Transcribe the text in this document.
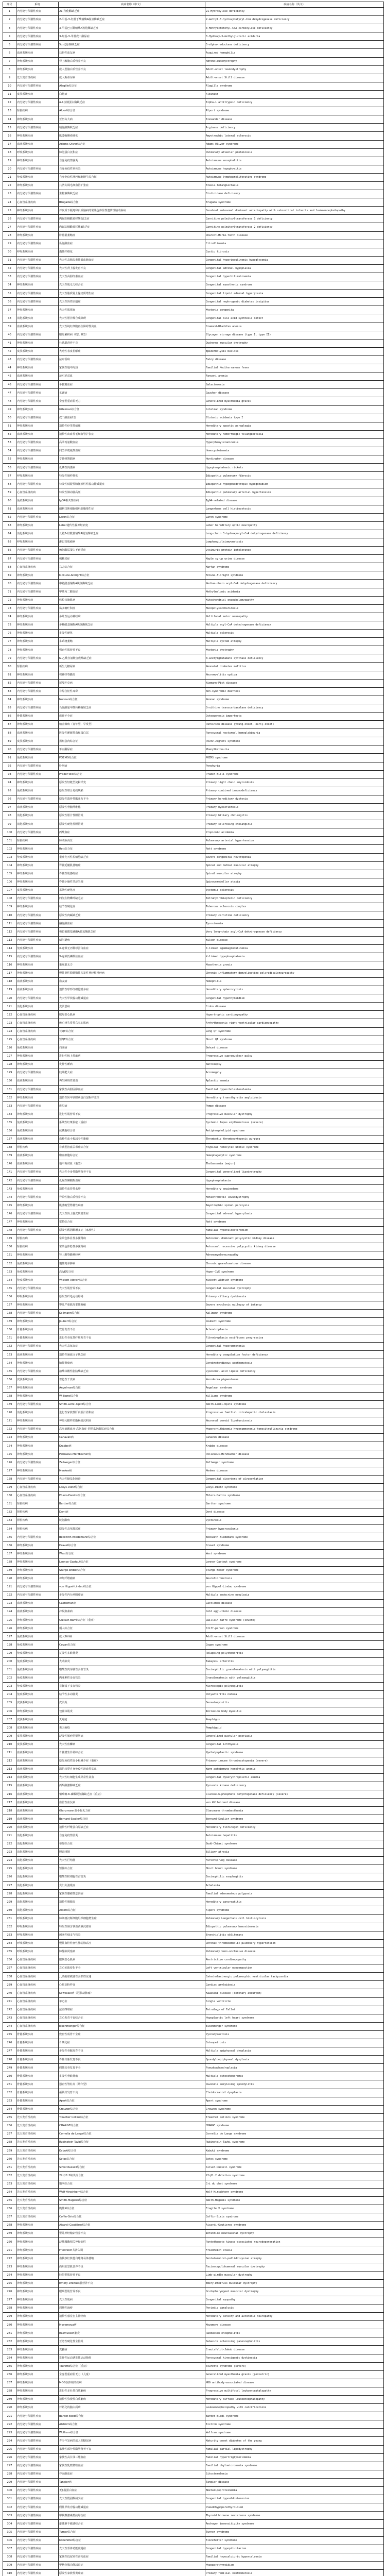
序号	系统	疾病名称（中文）	疾病名称（英文）
1	内分泌与代谢性疾病	21-羟化酶缺乏症	21-Hydroxylase deficiency
2	内分泌与代谢性疾病	2-甲基-3-羟基丁酰辅酶A脱氢酶缺乏症	2-methyl-3-hydroxybutyryl-CoA dehydrogenase deficiency
3	内分泌与代谢性疾病	3-甲基巴豆酰辅酶A羧化酶缺乏症	3-Methylcrotonyl-CoA carboxylase deficiency
4	内分泌与代谢性疾病	3-羟基-3-甲基戊二酸尿症	3-Hydroxy-3-methylglutaric aciduria
5	内分泌与代谢性疾病	5α-还原酶缺乏症	5-alpha-reductase deficiency
6	血液系统疾病	获得性血友病	Acquired hemophilia
7	神经系统疾病	肾上腺脑白质营养不良	Adrenoleukodystrophy
8	神经系统疾病	成人型脑白质营养不良	Adult-onset leukodystrophy
9	先天发育性疾病	成人斯蒂尔病	Adult-onset Still disease
10	内分泌与代谢性疾病	Alagille综合征	Alagille syndrome
11	皮肤系统疾病	白化病	Albinism
12	内分泌与代谢性疾病	α-1抗胰蛋白酶缺乏症	Alpha-1 antitrypsin deficiency
13	肾脏疾病	Alport综合征	Alport syndrome
14	神经系统疾病	亚历山大病	Alexander disease
15	内分泌与代谢性疾病	精氨酸酶缺乏症	Arginase deficiency
16	神经系统疾病	肌萎缩侧索硬化	Amyotrophic lateral sclerosis
17	血液系统疾病	Adams-Oliver综合征	Adams-Oliver syndrome
18	呼吸系统疾病	肺泡蛋白沉积症	Pulmonary alveolar proteinosis
19	神经系统疾病	自身免疫性脑炎	Autoimmune encephalitis
20	内分泌与代谢性疾病	自身免疫性垂体炎	Autoimmune hypophysitis
21	免疫系统疾病	自身免疫性淋巴细胞增生综合征	Autoimmune lymphoproliferative syndrome
22	神经系统疾病	共济失调毛细血管扩张症	Ataxia-telangiectasia
23	内分泌与代谢性疾病	生物素酶缺乏症	Biotinidase deficiency
24	心血管系统疾病	Brugada综合征	Brugada syndrome
25	神经系统疾病	伴皮质下梗死和白质脑病的常染色体显性遗传性脑动脉病	Cerebral autosomal dominant arteriopathy with subcortical infarcts and leukoencephalopathy
26	内分泌与代谢性疾病	肉碱棕榈酰转移酶Ⅰ缺乏症	Carnitine palmitoyltransferase 1 deficiency
27	内分泌与代谢性疾病	肉碱棕榈酰转移酶Ⅱ缺乏症	Carnitine palmitoyltransferase 2 deficiency
28	神经系统疾病	腓骨肌萎缩症	Charcot-Marie-Tooth disease
29	内分泌与代谢性疾病	瓜氨酸血症	Citrullinemia
30	呼吸系统疾病	囊性纤维化	Cystic fibrosis
31	内分泌与代谢性疾病	先天性高胰岛素性低血糖血症	Congenital hyperinsulinemic hypoglycemia
32	内分泌与代谢性疾病	先天性肾上腺发育不良	Congenital adrenal hypoplasia
33	内分泌与代谢性疾病	先天性高胆红素血症	Congenital hyperbilirubinemia
34	神经系统疾病	先天性肌无力综合征	Congenital myasthenic syndrome
35	内分泌与代谢性疾病	先天性脂质肾上腺皮质增生症	Congenital lipoid adrenal hyperplasia
36	内分泌与代谢性疾病	先天性肾性尿崩症	Congenital nephrogenic diabetes insipidus
37	神经系统疾病	先天性肌强直	Myotonia congenita
38	消化系统疾病	先天性胆汁酸合成障碍	Congenital bile acid synthesis defect
39	血液系统疾病	先天性纯红细胞再生障碍性贫血	Diamond-Blackfan anemia
40	内分泌与代谢性疾病	糖原累积病（I型、II型）	Glycogen storage disease (type I, type II)
41	神经系统疾病	杜氏肌营养不良	Duchenne muscular dystrophy
42	皮肤系统疾病	大疱性表皮松解症	Epidermolysis bullosa
43	内分泌与代谢性疾病	法布雷病	Fabry disease
44	神经系统疾病	家族性地中海热	Familial Mediterranean fever
45	血液系统疾病	范可尼贫血	Fanconi anemia
46	内分泌与代谢性疾病	半乳糖血症	Galactosemia
47	内分泌与代谢性疾病	戈谢病	Gaucher disease
48	内分泌与代谢性疾病	全身型重症肌无力	Generalized myasthenia gravis
49	神经系统疾病	Gitelman综合征	Gitelman syndrome
50	内分泌与代谢性疾病	戊二酸血症I型	Glutaric acidemia type I
51	神经系统疾病	遗传性痉挛性截瘫	Hereditary spastic paraplegia
52	血液系统疾病	遗传性出血性毛细血管扩张症	Hereditary hemorrhagic telangiectasia
53	内分泌与代谢性疾病	高苯丙氨酸血症	Hyperphenylalaninemia
54	内分泌与代谢性疾病	同型半胱氨酸血症	Homocysteinemia
55	神经系统疾病	亨廷顿舞蹈病	Huntington disease
56	内分泌与代谢性疾病	低磷性佝偻病	Hypophosphatemic rickets
57	呼吸系统疾病	特发性肺纤维化	Idiopathic pulmonary fibrosis
58	内分泌与代谢性疾病	特发性低促性腺激素性性腺功能减退症	Idiopathic hypogonadotropic hypogonadism
59	心血管系统疾病	特发性肺动脉高压	Idiopathic pulmonary arterial hypertension
60	免疫系统疾病	IgG4相关性疾病	IgG4-related disease
61	血液系统疾病	朗格汉斯细胞组织细胞增生症	Langerhans cell histiocytosis
62	内分泌与代谢性疾病	Laron综合征	Laron syndrome
63	神经系统疾病	Leber遗传性视神经病变	Leber hereditary optic neuropathy
64	消化系统疾病	长链3-羟酰基辅酶A脱氢酶缺乏症	Long-chain 3-hydroxyacyl-CoA dehydrogenase deficiency
65	呼吸系统疾病	淋巴管肌瘤病	Lymphangioleiomyomatosis
66	内分泌与代谢性疾病	赖氨酸尿蛋白不耐受症	Lysinuric protein intolerance
67	内分泌与代谢性疾病	枫糖尿症	Maple syrup urine disease
68	心血管系统疾病	马方综合征	Marfan syndrome
69	神经系统疾病	McCune-Albright综合征	McCune-Albright syndrome
70	内分泌与代谢性疾病	中链酰基辅酶A脱氢酶缺乏症	Medium-chain acyl-CoA dehydrogenase deficiency
71	内分泌与代谢性疾病	甲基丙二酸血症	Methylmalonic acidemia
72	神经系统疾病	线粒体脑肌病	Mitochondrial encephalomyopathy
73	内分泌与代谢性疾病	黏多糖贮积症	Mucopolysaccharidosis
74	神经系统疾病	多灶性运动神经病	Multifocal motor neuropathy
75	神经系统疾病	多种酰基辅酶A脱氢酶缺乏症	Multiple acyl-CoA dehydrogenase deficiency
76	神经系统疾病	多发性硬化	Multiple sclerosis
77	神经系统疾病	多系统萎缩	Multiple system atrophy
78	神经系统疾病	强直性肌营养不良	Myotonic dystrophy
79	内分泌与代谢性疾病	N-乙酰谷氨酸合成酶缺乏症	N-acetylglutamate synthase deficiency
80	肾脏疾病	新生儿糖尿病	Neonatal diabetes mellitus
81	神经系统疾病	视神经脊髓炎	Neuromyelitis optica
82	内分泌与代谢性疾病	尼曼匹克病	Niemann-Pick disease
83	内分泌与代谢性疾病	非综合征性耳聋	Non-syndromic deafness
84	神经系统疾病	Noonan综合征	Noonan syndrome
85	内分泌与代谢性疾病	鸟氨酸氨甲酰转移酶缺乏症	Ornithine transcarbamylase deficiency
86	骨骼系统疾病	成骨不全症	Osteogenesis imperfecta
87	神经系统疾病	帕金森病（青年型、早发型）	Parkinson disease (young-onset, early-onset)
88	血液系统疾病	阵发性睡眠性血红蛋白尿	Paroxysmal nocturnal hemoglobinuria
89	皮肤系统疾病	黑斑息肉综合征	Peutz-Jeghers syndrome
90	内分泌与代谢性疾病	苯丙酮尿症	Phenylketonuria
91	免疫系统疾病	POEMS综合征	POEMS syndrome
92	内分泌与代谢性疾病	卟啉病	Porphyria
93	内分泌与代谢性疾病	Prader-Willi综合征	Prader-Willi syndrome
94	神经系统疾病	原发性轻链型淀粉样变	Primary light chain amyloidosis
95	免疫系统疾病	原发性联合免疫缺陷	Primary combined immunodeficiency
96	内分泌与代谢性疾病	原发性遗传性肌张力不全	Primary hereditary dystonia
97	血液系统疾病	原发性骨髓纤维化	Primary myelofibrosis
98	消化系统疾病	原发性胆汁性胆管炎	Primary biliary cholangitis
99	消化系统疾病	原发性硬化性胆管炎	Primary sclerosing cholangitis
100	内分泌与代谢性疾病	丙酸血症	Propionic acidemia
101	肾脏疾病	肺动脉高压	Pulmonary arterial hypertension
102	神经系统疾病	Rett综合征	Rett syndrome
103	免疫系统疾病	重症先天性粒细胞缺乏症	Severe congenital neutropenia
104	神经系统疾病	脊髓延髓肌萎缩症	Spinal and bulbar muscular atrophy
105	神经系统疾病	脊髓性肌萎缩症	Spinal muscular atrophy
106	神经系统疾病	脊髓小脑性共济失调	Spinocerebellar ataxia
107	皮肤系统疾病	系统性硬化症	Systemic sclerosis
108	内分泌与代谢性疾病	四氢生物蝶呤缺乏症	Tetrahydrobiopterin deficiency
109	神经系统疾病	结节性硬化症	Tuberous sclerosis complex
110	内分泌与代谢性疾病	原发性肉碱缺乏症	Primary carnitine deficiency
111	内分泌与代谢性疾病	酪氨酸血症	Tyrosinemia
112	内分泌与代谢性疾病	极长链酰基辅酶A脱氢酶缺乏症	Very long-chain acyl-CoA dehydrogenase deficiency
113	内分泌与代谢性疾病	威尔逊病	Wilson disease
114	免疫系统疾病	X-连锁无丙种球蛋白血症	X-linked agammaglobulinemia
115	内分泌与代谢性疾病	X-连锁低磷酸盐血症	X-linked hypophosphatemia
116	神经系统疾病	重症肌无力	Myasthenia gravis
117	神经系统疾病	慢性炎性脱髓鞘性多发性神经根神经病	Chronic inflammatory demyelinating polyradiculoneuropathy
118	血液系统疾病	血友病	Hemophilia
119	血液系统疾病	遗传性球形红细胞增多症	Hereditary spherocytosis
120	内分泌与代谢性疾病	先天性甲状腺功能减退症	Congenital hypothyroidism
121	消化系统疾病	克罗恩病	Crohn disease
122	心血管系统疾病	肥厚型心肌病	Hypertrophic cardiomyopathy
123	心血管系统疾病	致心律失常性右室心肌病	Arrhythmogenic right ventricular cardiomyopathy
124	心血管系统疾病	长QT综合征	Long QT syndrome
125	心血管系统疾病	短QT综合征	Short QT syndrome
126	免疫系统疾病	白塞病	Behcet disease
127	神经系统疾病	进行性核上性麻痹	Progressive supranuclear palsy
128	神经系统疾病	发作性睡病	Narcolepsy
129	内分泌与代谢性疾病	肢端肥大症	Acromegaly
130	血液系统疾病	再生障碍性贫血	Aplastic anemia
131	内分泌与代谢性疾病	家族性高胆固醇血症	Familial hypercholesterolemia
132	神经系统疾病	遗传性转甲状腺素蛋白淀粉样变性	Hereditary transthyretin amyloidosis
133	内分泌与代谢性疾病	庞贝病	Pompe disease
134	神经系统疾病	进行性肌营养不良	Progressive muscular dystrophy
135	免疫系统疾病	系统性红斑狼疮（重症）	Systemic lupus erythematosus (severe)
136	免疫系统疾病	抗磷脂综合征	Antiphospholipid syndrome
137	血液系统疾病	血栓性血小板减少性紫癜	Thrombotic thrombocytopenic purpura
138	肾脏疾病	非典型溶血尿毒症综合征	Atypical hemolytic uremic syndrome
139	血液系统疾病	噬血细胞综合征	Hemophagocytic syndrome
140	血液系统疾病	地中海贫血（重型）	Thalassemia (major)
141	内分泌与代谢性疾病	先天性全身性脂肪营养不良	Congenital generalized lipodystrophy
142	内分泌与代谢性疾病	低碱性磷酸酶血症	Hypophosphatasia
143	免疫系统疾病	遗传性血管性水肿	Hereditary angioedema
144	内分泌与代谢性疾病	异染性脑白质营养不良	Metachromatic leukodystrophy
145	神经系统疾病	肌萎缩型脊髓性麻痹	Amyotrophic spinal paralysis
146	内分泌与代谢性疾病	先天性肾上腺皮质增生症	Congenital adrenal hyperplasia
147	神经系统疾病	雷特综合征	Rett syndrome
148	内分泌与代谢性疾病	原发性醛固酮增多症（家族性）	Familial hyperaldosteronism
149	肾脏疾病	常染色体显性多囊肾病	Autosomal dominant polycystic kidney disease
150	肾脏疾病	常染色体隐性多囊肾病	Autosomal recessive polycystic kidney disease
151	神经系统疾病	肾上腺脊髓神经病	Adrenomyeloneuropathy
152	免疫系统疾病	慢性肉芽肿病	Chronic granulomatous disease
153	免疫系统疾病	高IgE综合征	Hyper-IgE syndrome
154	免疫系统疾病	Wiskott-Aldrich综合征	Wiskott-Aldrich syndrome
155	内分泌与代谢性疾病	先天性肌营养不良	Congenital muscular dystrophy
156	呼吸系统疾病	原发性纤毛运动障碍	Primary ciliary dyskinesia
157	神经系统疾病	婴儿严重肌阵挛性癫痫	Severe myoclonic epilepsy of infancy
158	内分泌与代谢性疾病	Kallmann综合征	Kallmann syndrome
159	神经系统疾病	Joubert综合征	Joubert syndrome
160	骨骼系统疾病	软骨发育不全	Achondroplasia
161	骨骼系统疾病	进行性骨化性纤维发育不良	Fibrodysplasia ossificans progressiva
162	内分泌与代谢性疾病	先天性高氨血症	Congenital hyperammonemia
163	血液系统疾病	遗传性凝血因子缺乏症	Hereditary coagulation factor deficiency
164	神经系统疾病	脑腱黄瘤病	Cerebrotendinous xanthomatosis
165	内分泌与代谢性疾病	溶酶体酸性脂肪酶缺乏症	Lysosomal acid lipase deficiency
166	皮肤系统疾病	着色性干皮病	Xeroderma pigmentosum
167	神经系统疾病	Angelman综合征	Angelman syndrome
168	神经系统疾病	Williams综合征	Williams syndrome
169	内分泌与代谢性疾病	Smith-Lemli-Opitz综合征	Smith-Lemli-Opitz syndrome
170	消化系统疾病	进行性家族性肝内胆汁淤积症	Progressive familial intrahepatic cholestasis
171	神经系统疾病	神经元蜡样质脂褐质沉积症	Neuronal ceroid lipofuscinosis
172	内分泌与代谢性疾病	高鸟氨酸血症-高氨血症-同型瓜氨酸尿症综合征	Hyperornithinemia-hyperammonemia-homocitrullinuria syndrome
173	神经系统疾病	Canavan病	Canavan disease
174	神经系统疾病	Krabbe病	Krabbe disease
175	神经系统疾病	Pelizaeus-Merzbacher病	Pelizaeus-Merzbacher disease
176	内分泌与代谢性疾病	Zellweger综合征	Zellweger syndrome
177	神经系统疾病	Menkes病	Menkes disease
178	内分泌与代谢性疾病	先天性糖基化障碍	Congenital disorders of glycosylation
179	心血管系统疾病	Loeys-Dietz综合征	Loeys-Dietz syndrome
180	心血管系统疾病	Ehlers-Danlos综合征	Ehlers-Danlos syndrome
181	肾脏疾病	Bartter综合征	Bartter syndrome
182	肾脏疾病	Dent病	Dent disease
183	肾脏疾病	胱氨酸病	Cystinosis
184	肾脏疾病	原发性高草酸尿症	Primary hyperoxaluria
185	内分泌与代谢性疾病	Beckwith-Wiedemann综合征	Beckwith-Wiedemann syndrome
186	神经系统疾病	Dravet综合征	Dravet syndrome
187	神经系统疾病	West综合征	West syndrome
188	神经系统疾病	Lennox-Gastaut综合征	Lennox-Gastaut syndrome
189	神经系统疾病	Sturge-Weber综合征	Sturge-Weber syndrome
190	神经系统疾病	神经纤维瘤病	Neurofibromatosis
191	内分泌与代谢性疾病	von Hippel-Lindau综合征	von Hippel-Lindau syndrome
192	内分泌与代谢性疾病	多发性内分泌腺瘤病	Multiple endocrine neoplasia
193	血液系统疾病	Castleman病	Castleman disease
194	血液系统疾病	冷凝集素病	Cold agglutinin disease
195	神经系统疾病	Guillain-Barré综合征（重症）	Guillain-Barre syndrome (severe)
196	神经系统疾病	僵人综合征	Stiff-person syndrome
197	免疫系统疾病	成人Still病	Adult-onset Still disease
198	免疫系统疾病	Cogan综合征	Cogan syndrome
199	免疫系统疾病	复发性多软骨炎	Relapsing polychondritis
200	免疫系统疾病	大动脉炎	Takayasu arteritis
201	免疫系统疾病	嗜酸性肉芽肿性多血管炎	Eosinophilic granulomatosis with polyangiitis
202	免疫系统疾病	肉芽肿性多血管炎	Granulomatosis with polyangiitis
203	免疫系统疾病	显微镜下多血管炎	Microscopic polyangiitis
204	免疫系统疾病	结节性多动脉炎	Polyarteritis nodosa
205	皮肤系统疾病	皮肌炎	Dermatomyositis
206	神经系统疾病	包涵体肌炎	Inclusion body myositis
207	皮肤系统疾病	天疱疮	Pemphigus
208	皮肤系统疾病	类天疱疮	Pemphigoid
209	皮肤系统疾病	泛发性脓疱型银屑病	Generalized pustular psoriasis
210	皮肤系统疾病	先天性鱼鳞病	Congenital ichthyosis
211	血液系统疾病	骨髓增生异常综合征	Myelodysplastic syndrome
212	血液系统疾病	原发免疫性血小板减少症（重症）	Primary immune thrombocytopenia (severe)
213	血液系统疾病	温抗体型自身免疫性溶血性贫血	Warm autoimmune hemolytic anemia
214	血液系统疾病	先天性红细胞生成异常性贫血	Congenital dyserythropoietic anemia
215	血液系统疾病	丙酮酸激酶缺乏症	Pyruvate kinase deficiency
216	血液系统疾病	葡萄糖-6-磷酸脱氢酶缺乏症（重症）	Glucose-6-phosphate dehydrogenase deficiency (severe)
217	血液系统疾病	血管性血友病	von Willebrand disease
218	血液系统疾病	Glanzmann血小板无力症	Glanzmann thrombasthenia
219	血液系统疾病	Bernard-Soulier综合征	Bernard-Soulier syndrome
220	血液系统疾病	遗传性纤维蛋白原缺乏症	Hereditary fibrinogen deficiency
221	消化系统疾病	自身免疫性肝炎	Autoimmune hepatitis
222	消化系统疾病	布加综合征	Budd-Chiari syndrome
223	消化系统疾病	胆道闭锁	Biliary atresia
224	消化系统疾病	先天性巨结肠	Hirschsprung disease
225	消化系统疾病	短肠综合征	Short bowel syndrome
226	消化系统疾病	嗜酸性粒细胞性食管炎	Eosinophilic esophagitis
227	消化系统疾病	贲门失弛缓症	Achalasia
228	消化系统疾病	家族性腺瘤性息肉病	Familial adenomatous polyposis
229	消化系统疾病	遗传性胰腺炎	Hereditary pancreatitis
230	消化系统疾病	Alpers综合征	Alpers syndrome
231	呼吸系统疾病	肺朗格汉斯细胞组织细胞增生症	Pulmonary Langerhans cell histiocytosis
232	呼吸系统疾病	特发性肺含铁血黄素沉着症	Idiopathic pulmonary hemosiderosis
233	呼吸系统疾病	闭塞性细支气管炎	Bronchiolitis obliterans
234	呼吸系统疾病	慢性血栓栓塞性肺动脉高压	Chronic thromboembolic pulmonary hypertension
235	呼吸系统疾病	肺静脉闭塞病	Pulmonary veno-occlusive disease
236	心血管系统疾病	限制型心肌病	Restrictive cardiomyopathy
237	心血管系统疾病	左心室致密化不全	Left ventricular noncompaction
238	心血管系统疾病	儿茶酚胺敏感性多形性室速	Catecholaminergic polymorphic ventricular tachycardia
239	心血管系统疾病	心脏淀粉样变	Cardiac amyloidosis
240	心血管系统疾病	Kawasaki病（冠状动脉瘤）	Kawasaki disease (coronary aneurysm)
241	心血管系统疾病	单心室	Single ventricle
242	心血管系统疾病	法洛四联症	Tetralogy of Fallot
243	心血管系统疾病	左心发育不良综合征	Hypoplastic left heart syndrome
244	心血管系统疾病	Eisenmenger综合征	Eisenmenger syndrome
245	骨骼系统疾病	致密性成骨不全症	Pycnodysostosis
246	骨骼系统疾病	骨硬化症	Osteopetrosis
247	骨骼系统疾病	多发性骨骺发育不良	Multiple epiphyseal dysplasia
248	骨骼系统疾病	脊椎骨骺发育不良	Spondyloepiphyseal dysplasia
249	骨骼系统疾病	假性软骨发育不全	Pseudoachondroplasia
250	骨骼系统疾病	多发性骨软骨瘤	Multiple osteochondromas
251	骨骼系统疾病	强直性脊柱炎（幼年型）	Juvenile ankylosing spondylitis
252	骨骼系统疾病	颅锁骨发育不良	Cleidocranial dysplasia
253	骨骼系统疾病	Apert综合征	Apert syndrome
254	骨骼系统疾病	Crouzon综合征	Crouzon syndrome
255	先天发育性疾病	Treacher Collins综合征	Treacher Collins syndrome
256	先天发育性疾病	CHARGE综合征	CHARGE syndrome
257	先天发育性疾病	Cornelia de Lange综合征	Cornelia de Lange syndrome
258	先天发育性疾病	Rubinstein-Taybi综合征	Rubinstein-Taybi syndrome
259	先天发育性疾病	Kabuki综合征	Kabuki syndrome
260	先天发育性疾病	Sotos综合征	Sotos syndrome
261	先天发育性疾病	Silver-Russell综合征	Silver-Russell syndrome
262	先天发育性疾病	22q11.2缺失综合征	22q11.2 deletion syndrome
263	先天发育性疾病	猫叫综合征	Cri du chat syndrome
264	先天发育性疾病	Wolf-Hirschhorn综合征	Wolf-Hirschhorn syndrome
265	先天发育性疾病	Smith-Magenis综合征	Smith-Magenis syndrome
266	先天发育性疾病	脆性X综合征	Fragile X syndrome
267	先天发育性疾病	Coffin-Siris综合征	Coffin-Siris syndrome
268	神经系统疾病	Aicardi-Goutières综合征	Aicardi-Goutieres syndrome
269	神经系统疾病	婴儿神经轴索营养不良	Infantile neuroaxonal dystrophy
270	神经系统疾病	泛酸激酶相关神经变性	Pantothenate kinase-associated neurodegeneration
271	神经系统疾病	Friedreich共济失调	Friedreich ataxia
272	神经系统疾病	齿状核红核苍白球路易体萎缩	Dentatorubral-pallidoluysian atrophy
273	神经系统疾病	面肩肱型肌营养不良	Facioscapulohumeral muscular dystrophy
274	神经系统疾病	肢带型肌营养不良	Limb-girdle muscular dystrophy
275	神经系统疾病	Emery-Dreifuss肌营养不良	Emery-Dreifuss muscular dystrophy
276	神经系统疾病	眼咽型肌营养不良	Oculopharyngeal muscular dystrophy
277	神经系统疾病	先天性肌病	Congenital myopathy
278	神经系统疾病	周期性麻痹	Periodic paralysis
279	神经系统疾病	遗传性感觉自主神经病	Hereditary sensory and autonomic neuropathy
280	神经系统疾病	Moyamoya病	Moyamoya disease
281	神经系统疾病	Rasmussen脑炎	Rasmussen encephalitis
282	神经系统疾病	亚急性硬化性全脑炎	Subacute sclerosing panencephalitis
283	神经系统疾病	克雅病	Creutzfeldt-Jakob disease
284	神经系统疾病	发作性运动诱发性运动障碍	Paroxysmal kinesigenic dyskinesia
285	神经系统疾病	Tourette综合征（重症）	Tourette syndrome (severe)
286	神经系统疾病	全身型重症肌无力（儿童）	Generalized myasthenia gravis (pediatric)
287	神经系统疾病	MOG抗体相关疾病	MOG antibody-associated disease
288	神经系统疾病	进行性多灶性白质脑病	Progressive multifocal leukoencephalopathy
289	神经系统疾病	遗传性弥漫性白质脑病	Hereditary diffuse leukoencephalopathy
290	神经系统疾病	伴钙化的脑白质病	Leukoencephalopathy with calcifications
291	内分泌与代谢性疾病	Bardet-Biedl综合征	Bardet-Biedl syndrome
292	内分泌与代谢性疾病	Alström综合征	Alstrom syndrome
293	内分泌与代谢性疾病	Wolfram综合征	Wolfram syndrome
294	内分泌与代谢性疾病	青少年发病的成人型糖尿病	Maturity-onset diabetes of the young
295	内分泌与代谢性疾病	家族性部分性脂肪营养不良	Familial partial lipodystrophy
296	内分泌与代谢性疾病	家族性高甘油三酯血症	Familial hypertriglyceridemia
297	内分泌与代谢性疾病	家族性乳糜微粒血症	Familial chylomicronemia syndrome
298	内分泌与代谢性疾病	谷固醇血症	Sitosterolemia
299	内分泌与代谢性疾病	Tangier病	Tangier disease
300	内分泌与代谢性疾病	无β脂蛋白血症	Abetalipoproteinemia
301	内分泌与代谢性疾病	先天性醛固酮减少症	Congenital hypoaldosteronism
302	内分泌与代谢性疾病	假性甲状旁腺功能减退症	Pseudohypoparathyroidism
303	内分泌与代谢性疾病	甲状腺激素抵抗综合征	Thyroid hormone resistance syndrome
304	内分泌与代谢性疾病	雄激素不敏感综合征	Androgen insensitivity syndrome
305	内分泌与代谢性疾病	Turner综合征	Turner syndrome
306	内分泌与代谢性疾病	Klinefelter综合征	Klinefelter syndrome
307	内分泌与代谢性疾病	先天性垂体功能减退症	Congenital hypopituitarism
308	内分泌与代谢性疾病	家族性低尿钙性高钙血症	Familial hypocalciuric hypercalcemia
309	内分泌与代谢性疾病	甲状旁腺功能减退症	Hypoparathyroidism
310	内分泌与代谢性疾病	原发性家族性黄瘤病	Primary familial xanthomatosis
